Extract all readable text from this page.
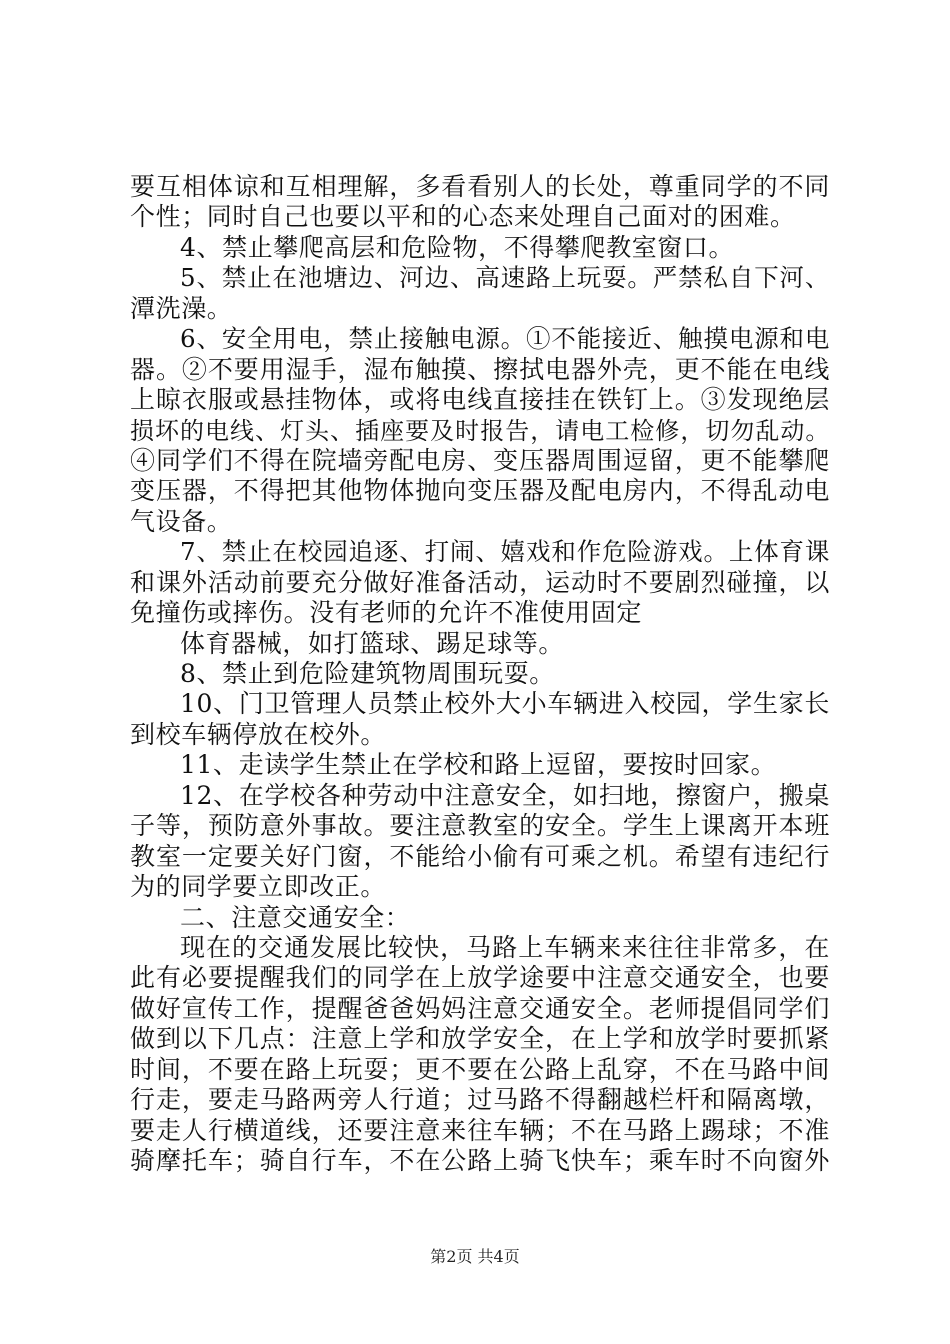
要互相体谅和互相理解，多看看别人的长处，尊重同学的不同
个性；同时自己也要以平和的心态来处理自己面对的困难。
4、禁止攀爬高层和危险物，不得攀爬教室窗口。
5、禁止在池塘边、河边、高速路上玩耍。严禁私自下河、
潭洗澡。
6、安全用电，禁止接触电源。①不能接近、触摸电源和电
器。②不要用湿手，湿布触摸、擦拭电器外壳，更不能在电线
上晾衣服或悬挂物体，或将电线直接挂在铁钉上。③发现绝层
损坏的电线、灯头、插座要及时报告，请电工检修，切勿乱动。
④同学们不得在院墙旁配电房、变压器周围逗留，更不能攀爬
变压器，不得把其他物体抛向变压器及配电房内，不得乱动电
气设备。
7、禁止在校园追逐、打闹、嬉戏和作危险游戏。上体育课
和课外活动前要充分做好准备活动，运动时不要剧烈碰撞，以
免撞伤或摔伤。没有老师的允许不准使用固定
体育器械，如打篮球、踢足球等。
8、禁止到危险建筑物周围玩耍。
10、门卫管理人员禁止校外大小车辆进入校园，学生家长
到校车辆停放在校外。
11、走读学生禁止在学校和路上逗留，要按时回家。
12、在学校各种劳动中注意安全，如扫地，擦窗户，搬桌
子等，预防意外事故。要注意教室的安全。学生上课离开本班
教室一定要关好门窗，不能给小偷有可乘之机。希望有违纪行
为的同学要立即改正。
二、注意交通安全：
现在的交通发展比较快，马路上车辆来来往往非常多，在
此有必要提醒我们的同学在上放学途要中注意交通安全，也要
做好宣传工作，提醒爸爸妈妈注意交通安全。老师提倡同学们
做到以下几点：注意上学和放学安全，在上学和放学时要抓紧
时间，不要在路上玩耍；更不要在公路上乱穿，不在马路中间
行走，要走马路两旁人行道；过马路不得翻越栏杆和隔离墩，
要走人行横道线，还要注意来往车辆；不在马路上踢球；不准
骑摩托车；骑自行车，不在公路上骑飞快车；乘车时不向窗外
第2页 共4页
